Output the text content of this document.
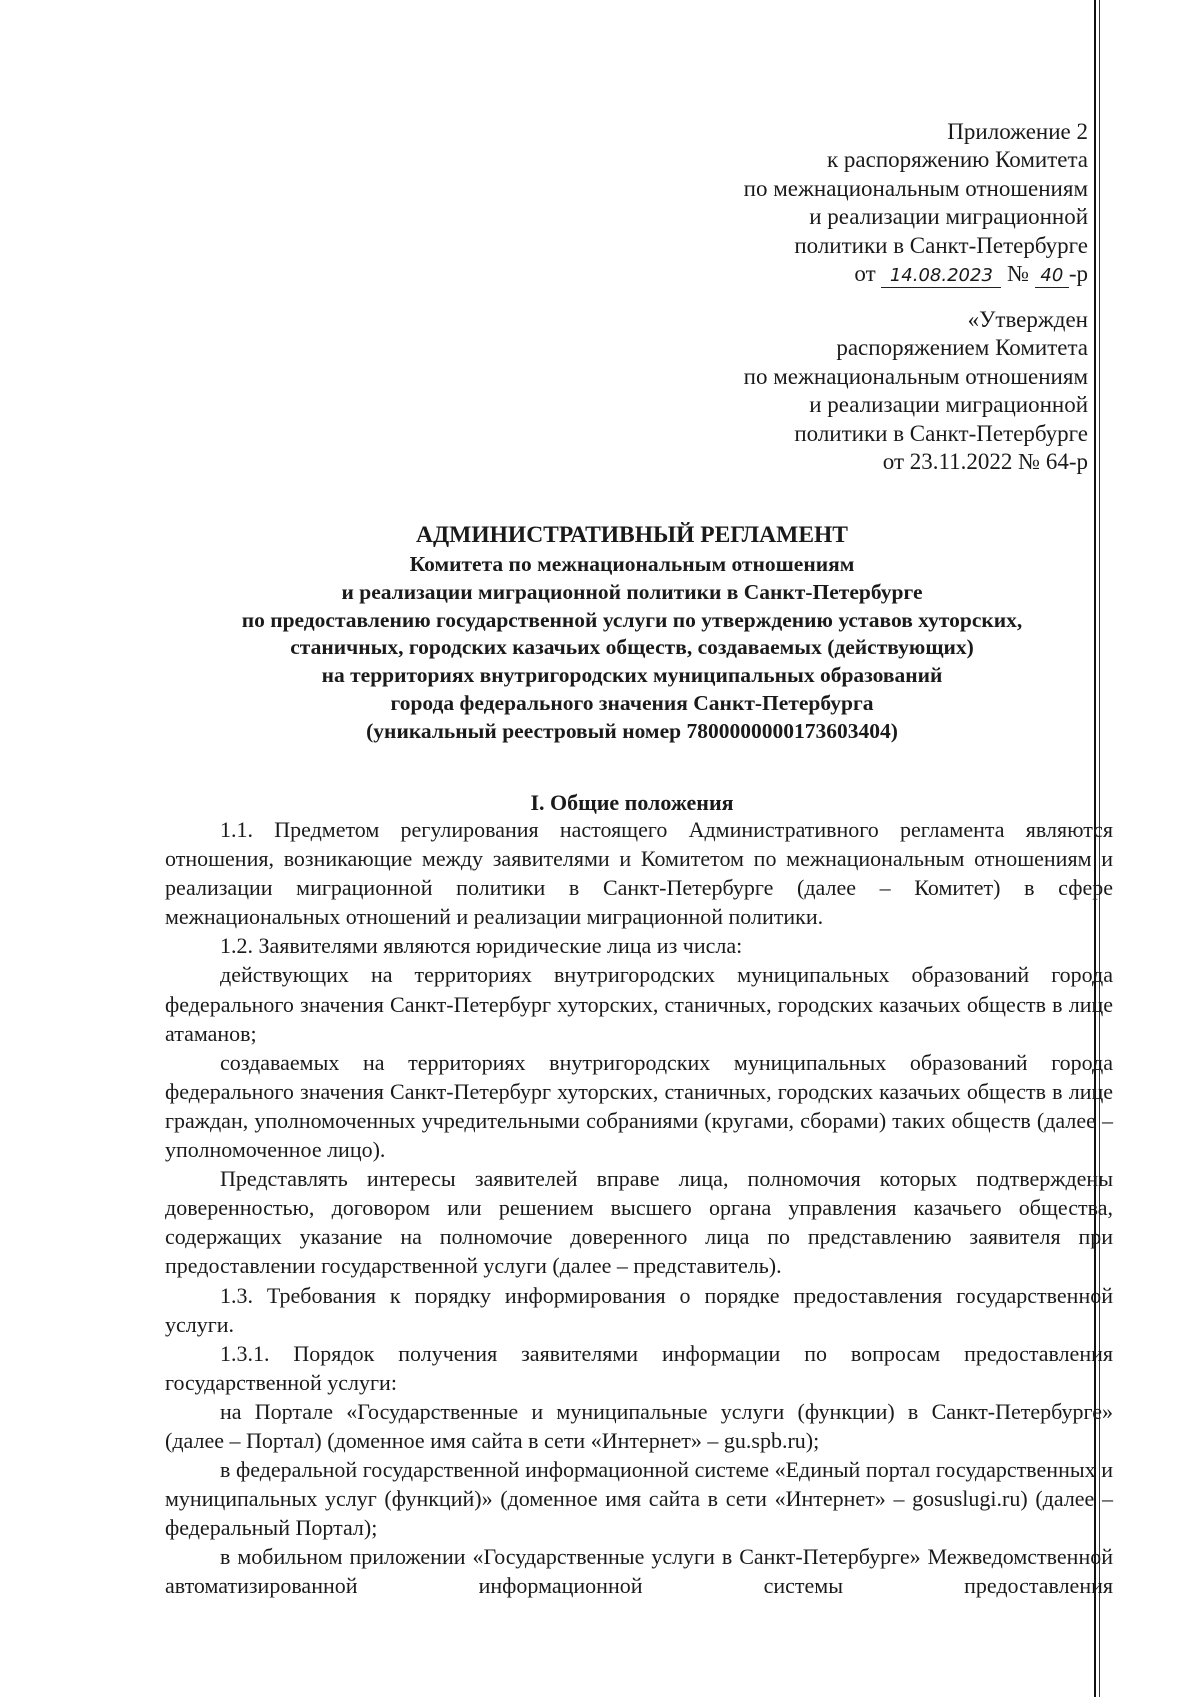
Приложение 2
к распоряжению Комитета
по межнациональным отношениям
и реализации миграционной
политики в Санкт-Петербурге
от 14.08.2023 № 40 -р
«Утвержден
распоряжением Комитета
по межнациональным отношениям
и реализации миграционной
политики в Санкт-Петербурге
от 23.11.2022 № 64-р
АДМИНИСТРАТИВНЫЙ РЕГЛАМЕНТ
Комитета по межнациональным отношениям
и реализации миграционной политики в Санкт-Петербурге
по предоставлению государственной услуги по утверждению уставов хуторских,
станичных, городских казачьих обществ, создаваемых (действующих)
на территориях внутригородских муниципальных образований
города федерального значения Санкт-Петербурга
(уникальный реестровый номер 7800000000173603404)
I. Общие положения

1.1. Предметом регулирования настоящего Административного регламента являются отношения, возникающие между заявителями и Комитетом по межнациональным отношениям и реализации миграционной политики в Санкт-Петербурге (далее – Комитет) в сфере межнациональных отношений и реализации миграционной политики.

1.2. Заявителями являются юридические лица из числа:

действующих на территориях внутригородских муниципальных образований города федерального значения Санкт-Петербург хуторских, станичных, городских казачьих обществ в лице атаманов;

создаваемых на территориях внутригородских муниципальных образований города федерального значения Санкт-Петербург хуторских, станичных, городских казачьих обществ в лице граждан, уполномоченных учредительными собраниями (кругами, сборами) таких обществ (далее – уполномоченное лицо).

Представлять интересы заявителей вправе лица, полномочия которых подтверждены доверенностью, договором или решением высшего органа управления казачьего общества, содержащих указание на полномочие доверенного лица по представлению заявителя при предоставлении государственной услуги (далее – представитель).

1.3. Требования к порядку информирования о порядке предоставления государственной услуги.

1.3.1. Порядок получения заявителями информации по вопросам предоставления государственной услуги:

на Портале «Государственные и муниципальные услуги (функции) в Санкт-Петербурге» (далее – Портал) (доменное имя сайта в сети «Интернет» – gu.spb.ru);

в федеральной государственной информационной системе «Единый портал государственных и муниципальных услуг (функций)» (доменное имя сайта в сети «Интернет» – gosuslugi.ru) (далее – федеральный Портал);

в мобильном приложении «Государственные услуги в Санкт-Петербурге» Межведомственной автоматизированной информационной системы предоставления
